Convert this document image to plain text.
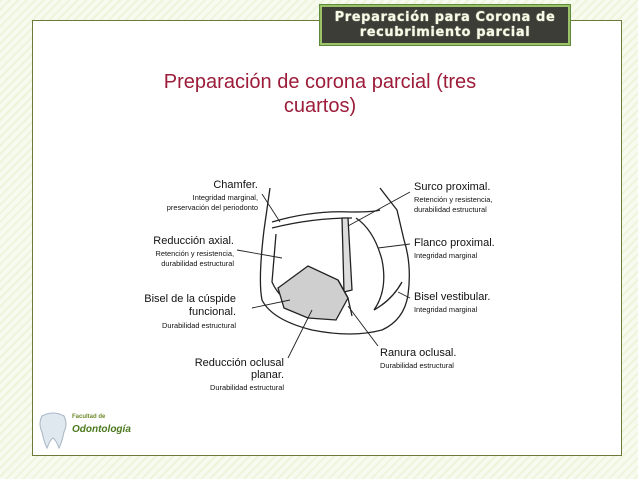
Preparación para Corona de
recubrimiento parcial
Preparación de corona parcial (tres
cuartos)
Chamfer.
Integridad marginal,
preservación del periodonto
Reducción axial.
Retención y resistencia,
durabilidad estructural
Bisel de la cúspide
funcional.
Durabilidad estructural
Reducción oclusal
planar.
Durabilidad estructural
Surco proximal.
Retención y resistencia,
durabilidad estructural
Flanco proximal.
Integridad marginal
Bisel vestibular.
Integridad marginal
Ranura oclusal.
Durabilidad estructural
Facultad de
Odontología
